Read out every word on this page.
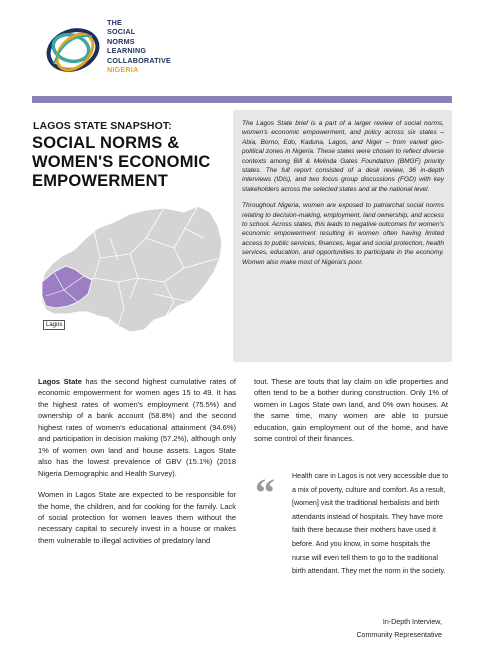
THE
SOCIAL
NORMS
LEARNING
COLLABORATIVE
NIGERIA
LAGOS STATE SNAPSHOT:
SOCIAL NORMS & WOMEN'S ECONOMIC EMPOWERMENT

The Lagos State brief is a part of a larger review of social norms, women's economic empowerment, and policy across six states – Abia, Borno, Edo, Kaduna, Lagos, and Niger – from varied geo-political zones in Nigeria. These states were chosen to reflect diverse contexts among Bill & Melinda Gates Foundation (BMGF) priority states. The full report consisted of a desk review, 36 in-depth interviews (IDIs), and two focus group discussions (FGD) with key stakeholders across the selected states and at the national level.

Throughout Nigeria, women are exposed to patriarchal social norms relating to decision-making, employment, land ownership, and access to school. Across states, this leads to negative outcomes for women's economic empowerment resulting in women often having limited access to public services, finances, legal and social protection, health services, education, and opportunities to participate in the economy. Women also make most of Nigeria's poor.

Lagos

Lagos State has the second highest cumulative rates of economic empowerment for women ages 15 to 49. It has the highest rates of women's employment (75.5%) and ownership of a bank account (58.8%) and the second highest rates of women's educational attainment (94.6%) and participation in decision making (57.2%), although only 1% of women own land and house assets. Lagos State also has the lowest prevalence of GBV (15.1%) (2018 Nigeria Demographic and Health Survey).

Women in Lagos State are expected to be responsible for the home, the children, and for cooking for the family. Lack of social protection for women leaves them without the necessary capital to securely invest in a house or makes them vulnerable to illegal activities of predatory land

tout. These are touts that lay claim on idle properties and often tend to be a bother during construction. Only 1% of women in Lagos State own land, and 0% own houses. At the same time, many women are able to pursue education, gain employment out of the home, and have some control of their finances.

“ Health care in Lagos is not very accessible due to a mix of poverty, culture and comfort. As a result, [women] visit the traditional herbalists and birth attendants instead of hospitals. They have more faith there because their mothers have used it before. And you know, in some hospitals the nurse will even tell them to go to the traditional birth attendant. They met the norm in the society.
In-Depth Interview,
Community Representative
